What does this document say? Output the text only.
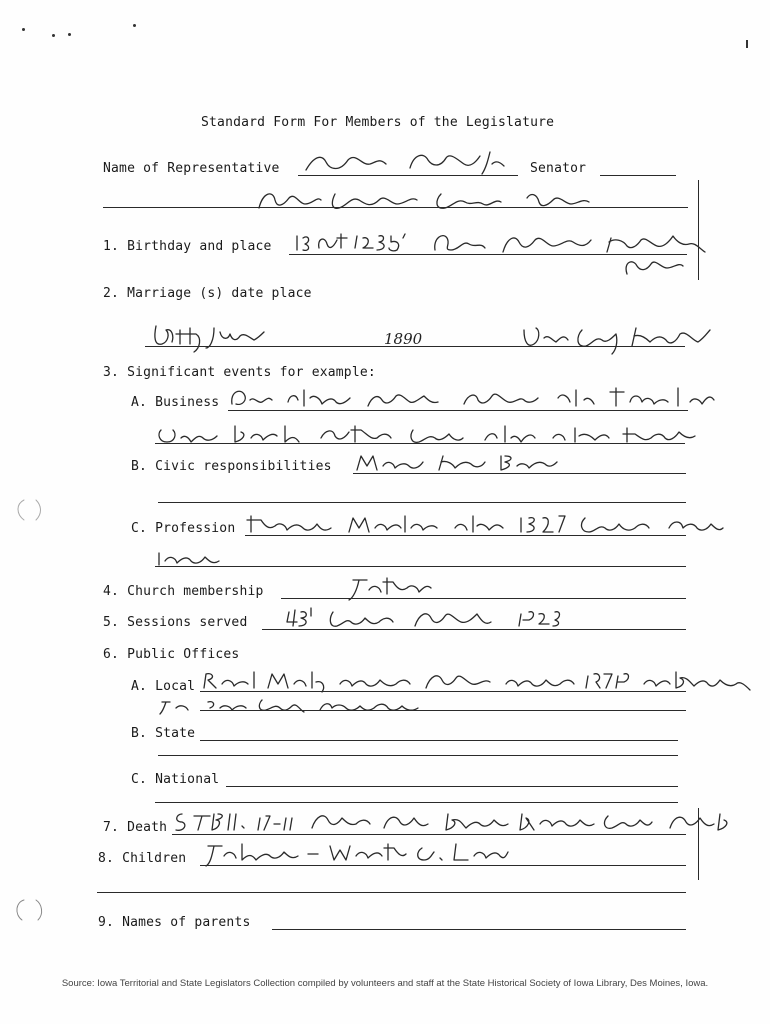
Standard Form For Members of the Legislature
Name of Representative	Senator
1. Birthday and place
2. Marriage (s) date place
1890
3. Significant events for example:
A. Business
B. Civic responsibilities
C. Profession
4. Church membership
5. Sessions served
6. Public Offices
A. Local
B. State
C. National
7. Death
8. Children
9. Names of parents
Source: Iowa Territorial and State Legislators Collection compiled by volunteers and staff at the State Historical Society of Iowa Library, Des Moines, Iowa.
